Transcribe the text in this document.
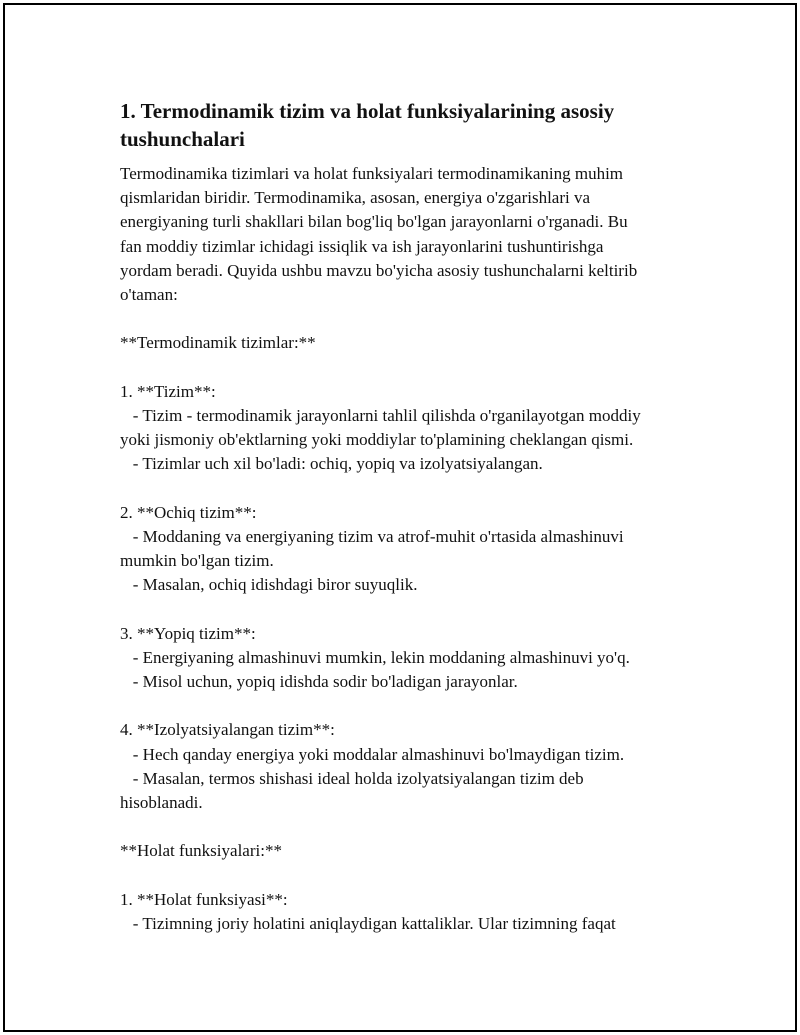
1. Termodinamik tizim va holat funksiyalarining asosiy tushunchalari
Termodinamika tizimlari va holat funksiyalari termodinamikaning muhim
qismlaridan biridir. Termodinamika, asosan, energiya o'zgarishlari va
energiyaning turli shakllari bilan bog'liq bo'lgan jarayonlarni o'rganadi. Bu
fan moddiy tizimlar ichidagi issiqlik va ish jarayonlarini tushuntirishga
yordam beradi. Quyida ushbu mavzu bo'yicha asosiy tushunchalarni keltirib
o'taman:
**Termodinamik tizimlar:**
1. **Tizim**:
- Tizim - termodinamik jarayonlarni tahlil qilishda o'rganilayotgan moddiy
yoki jismoniy ob'ektlarning yoki moddiylar to'plamining cheklangan qismi.
- Tizimlar uch xil bo'ladi: ochiq, yopiq va izolyatsiyalangan.
2. **Ochiq tizim**:
- Moddaning va energiyaning tizim va atrof-muhit o'rtasida almashinuvi
mumkin bo'lgan tizim.
- Masalan, ochiq idishdagi biror suyuqlik.
3. **Yopiq tizim**:
- Energiyaning almashinuvi mumkin, lekin moddaning almashinuvi yo'q.
- Misol uchun, yopiq idishda sodir bo'ladigan jarayonlar.
4. **Izolyatsiyalangan tizim**:
- Hech qanday energiya yoki moddalar almashinuvi bo'lmaydigan tizim.
- Masalan, termos shishasi ideal holda izolyatsiyalangan tizim deb
hisoblanadi.
**Holat funksiyalari:**
1. **Holat funksiyasi**:
- Tizimning joriy holatini aniqlaydigan kattaliklar. Ular tizimning faqat
